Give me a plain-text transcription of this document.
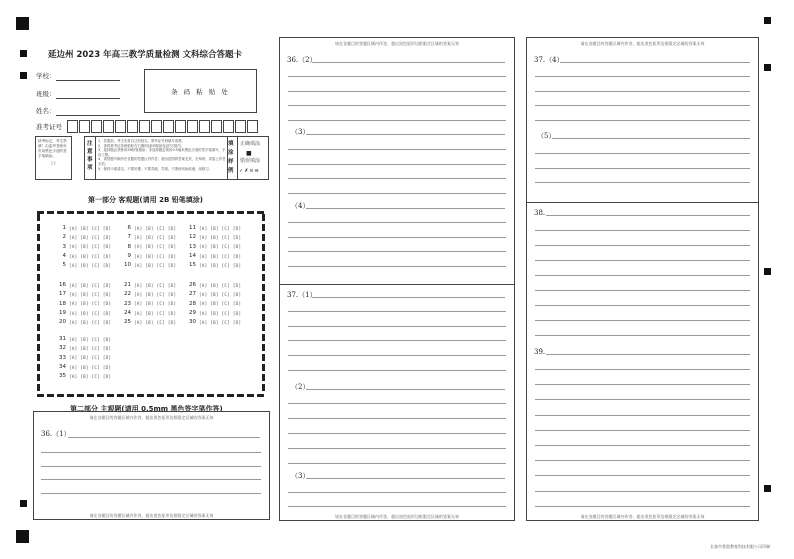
延边州 2023 年高三教学质量检测 文科综合答题卡
学校：
班级：
姓名：
准考证号
条 码 粘 贴 处
缺考标记，考生禁填！由监考老师负责用黑色字迹的签字笔填涂。
[ ]
注意事项
1．答题前，考生先将自己的姓名、准考证号码填写清楚。
2．请将准考证条码粘贴在右侧的[条码粘贴处]的方框内。
3．选择题必须使用2B铅笔填涂；非选择题必须用0.5毫米黑色字迹的签字笔填写，字体工整。
4．请按题号顺序在各题的答题区内作答，超出范围的答案无效，在草纸、试卷上作答无效。
5．保持卡面清洁，不要折叠、不要弄破、弄皱，不准使用涂改液、刮纸刀。
填涂样例
正确填涂
■
错误填涂
✓✗⊙⊖
第一部分 客观题(请用 2B 铅笔填涂)
1 [A] [B] [C] [D]
2 [A] [B] [C] [D]
3 [A] [B] [C] [D]
4 [A] [B] [C] [D]
5 [A] [B] [C] [D]
6 [A] [B] [C] [D]
7 [A] [B] [C] [D]
8 [A] [B] [C] [D]
9 [A] [B] [C] [D]
10 [A] [B] [C] [D]
11 [A] [B] [C] [D]
12 [A] [B] [C] [D]
13 [A] [B] [C] [D]
14 [A] [B] [C] [D]
15 [A] [B] [C] [D]
16 [A] [B] [C] [D]
17 [A] [B] [C] [D]
18 [A] [B] [C] [D]
19 [A] [B] [C] [D]
20 [A] [B] [C] [D]
21 [A] [B] [C] [D]
22 [A] [B] [C] [D]
23 [A] [B] [C] [D]
24 [A] [B] [C] [D]
25 [A] [B] [C] [D]
26 [A] [B] [C] [D]
27 [A] [B] [C] [D]
28 [A] [B] [C] [D]
29 [A] [B] [C] [D]
30 [A] [B] [C] [D]
31 [A] [B] [C] [D]
32 [A] [B] [C] [D]
33 [A] [B] [C] [D]
34 [A] [B] [C] [D]
35 [A] [B] [C] [D]
第二部分 主观题(请用 0.5mm 黑色签字笔作答)
请在各题目的答题区域内作答，超出黑色矩形边框限定区域的答案无效
请在各题目的答题区域内作答，超出黑色矩形边框限定区域的答案无效
36.（1）
请在各题目的答题区域内作答，超出黑色矩形边框限定区域的答案无效
请在各题目的答题区域内作答，超出黑色矩形边框限定区域的答案无效
36.（2）
（3）
（4）
37.（1）
（2）
（3）
请在各题目的答题区域内作答，超出黑色矩形边框限定区域的答案无效
请在各题目的答题区域内作答，超出黑色矩形边框限定区域的答案无效
37.（4）
（5）
38.
39.
长春市普奥教育科技有限公司印制
